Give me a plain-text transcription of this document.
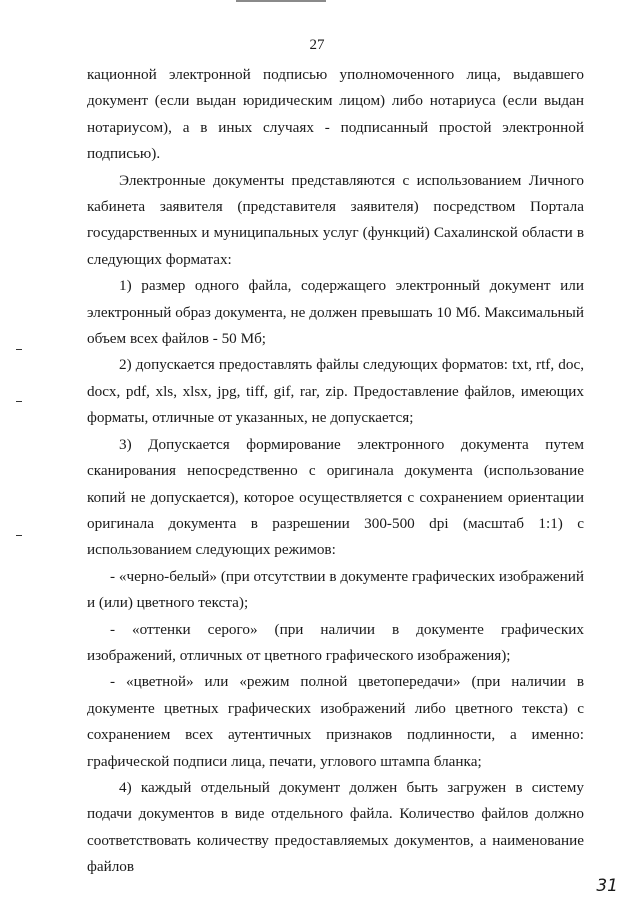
27

кационной электронной подписью уполномоченного лица, выдавшего документ (если выдан юридическим лицом) либо нотариуса (если выдан нотариусом), а в иных случаях - подписанный простой электронной подписью).

Электронные документы представляются с использованием Личного кабинета заявителя (представителя заявителя) посредством Портала государственных и муниципальных услуг (функций) Сахалинской области в следующих форматах:

1) размер одного файла, содержащего электронный документ или электронный образ документа, не должен превышать 10 Мб. Максимальный объем всех файлов - 50 Мб;

2) допускается предоставлять файлы следующих форматов: txt, rtf, doc, docx, pdf, xls, xlsx, jpg, tiff, gif, rar, zip. Предоставление файлов, имеющих форматы, отличные от указанных, не допускается;

3) Допускается формирование электронного документа путем сканирования непосредственно с оригинала документа (использование копий не допускается), которое осуществляется с сохранением ориентации оригинала документа в разрешении 300-500 dpi (масштаб 1:1) с использованием следующих режимов:

- «черно-белый» (при отсутствии в документе графических изображений и (или) цветного текста);

- «оттенки серого» (при наличии в документе графических изображений, отличных от цветного графического изображения);

- «цветной» или «режим полной цветопередачи» (при наличии в документе цветных графических изображений либо цветного текста) с сохранением всех аутентичных признаков подлинности, а именно: графической подписи лица, печати, углового штампа бланка;

4) каждый отдельный документ должен быть загружен в систему подачи документов в виде отдельного файла. Количество файлов должно соответствовать количеству предоставляемых документов, а наименование файлов

31
